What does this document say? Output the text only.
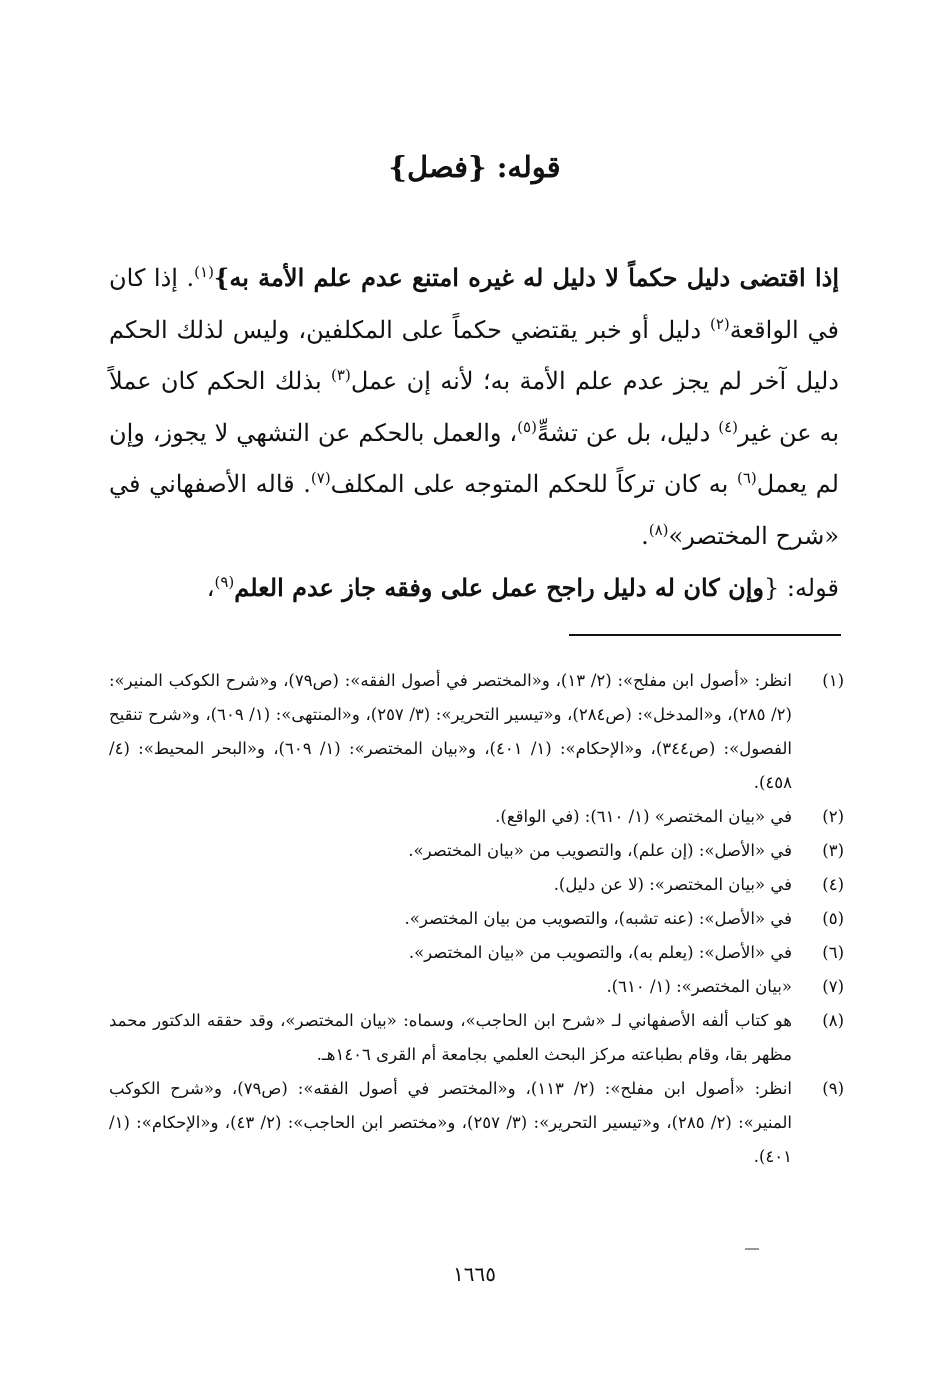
قوله: {فصل}

إذا اقتضى دليل حكماً لا دليل له غيره امتنع عدم علم الأمة به}$^{(١)}$. إذا كان في الواقعة$^{(٢)}$ دليل أو خبر يقتضي حكماً على المكلفين، وليس لذلك الحكم دليل آخر لم يجز عدم علم الأمة به؛ لأنه إن عمل$^{(٣)}$ بذلك الحكم كان عملاً به عن غير$^{(٤)}$ دليل، بل عن تشهٍّ$^{(٥)}$، والعمل بالحكم عن التشهي لا يجوز، وإن لم يعمل$^{(٦)}$ به كان تركاً للحكم المتوجه على المكلف$^{(٧)}$. قاله الأصفهاني في «شرح المختصر»$^{(٨)}$.

قوله: {وإن كان له دليل راجح عمل على وفقه جاز عدم العلم$^{(٩)}$،

(١)
انظر: «أصول ابن مفلح»: (٢/ ١٣)، و«المختصر في أصول الفقه»: (ص٧٩)، و«شرح الكوكب المنير»: (٢/ ٢٨٥)، و«المدخل»: (ص٢٨٤)، و«تيسير التحرير»: (٣/ ٢٥٧)، و«المنتهى»: (١/ ٦٠٩)، و«شرح تنقيح الفصول»: (ص٣٤٤)، و«الإحكام»: (١/ ٤٠١)، و«بيان المختصر»: (١/ ٦٠٩)، و«البحر المحيط»: (٤/ ٤٥٨).
(٢)
في «بيان المختصر» (١/ ٦١٠): (في الواقع).
(٣)
في «الأصل»: (إن علم)، والتصويب من «بيان المختصر».
(٤)
في «بيان المختصر»: (لا عن دليل).
(٥)
في «الأصل»: (عنه تشبه)، والتصويب من بيان المختصر».
(٦)
في «الأصل»: (يعلم به)، والتصويب من «بيان المختصر».
(٧)
«بيان المختصر»: (١/ ٦١٠).
(٨)
هو كتاب ألفه الأصفهاني لـ «شرح ابن الحاجب»، وسماه: «بيان المختصر»، وقد حققه الدكتور محمد مظهر بقا، وقام بطباعته مركز البحث العلمي بجامعة أم القرى ١٤٠٦هـ.
(٩)
انظر: «أصول ابن مفلح»: (٢/ ١١٣)، و«المختصر في أصول الفقه»: (ص٧٩)، و«شرح الكوكب المنير»: (٢/ ٢٨٥)، و«تيسير التحرير»: (٣/ ٢٥٧)، و«مختصر ابن الحاجب»: (٢/ ٤٣)، و«الإحكام»: (١/ ٤٠١).
١٦٦٥
